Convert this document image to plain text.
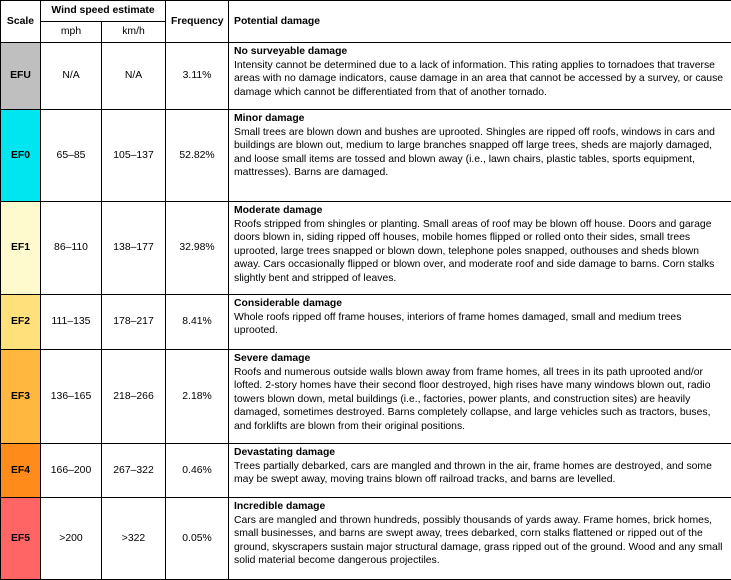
Scale	Wind speed estimate		Frequency	Potential damage
	mph	km/h		
EFU	N/A	N/A	3.11%	No surveyable damage
Intensity cannot be determined due to a lack of information. This rating applies to tornadoes that traverse areas with no damage indicators, cause damage in an area that cannot be accessed by a survey, or cause damage which cannot be differentiated from that of another tornado.

EF0	65–85	105–137	52.82%	Minor damage
Small trees are blown down and bushes are uprooted. Shingles are ripped off roofs, windows in cars and buildings are blown out, medium to large branches snapped off large trees, sheds are majorly damaged, and loose small items are tossed and blown away (i.e., lawn chairs, plastic tables, sports equipment, mattresses). Barns are damaged.

EF1	86–110	138–177	32.98%	Moderate damage
Roofs stripped from shingles or planting. Small areas of roof may be blown off house. Doors and garage doors blown in, siding ripped off houses, mobile homes flipped or rolled onto their sides, small trees uprooted, large trees snapped or blown down, telephone poles snapped, outhouses and sheds blown away. Cars occasionally flipped or blown over, and moderate roof and side damage to barns. Corn stalks slightly bent and stripped of leaves.

EF2	111–135	178–217	8.41%	Considerable damage
Whole roofs ripped off frame houses, interiors of frame homes damaged, small and medium trees uprooted.

EF3	136–165	218–266	2.18%	Severe damage
Roofs and numerous outside walls blown away from frame homes, all trees in its path uprooted and/or lofted. 2-story homes have their second floor destroyed, high rises have many windows blown out, radio towers blown down, metal buildings (i.e., factories, power plants, and construction sites) are heavily damaged, sometimes destroyed. Barns completely collapse, and large vehicles such as tractors, buses, and forklifts are blown from their original positions.

EF4	166–200	267–322	0.46%	Devastating damage
Trees partially debarked, cars are mangled and thrown in the air, frame homes are destroyed, and some may be swept away, moving trains blown off railroad tracks, and barns are levelled.

EF5	>200	>322	0.05%	Incredible damage
Cars are mangled and thrown hundreds, possibly thousands of yards away. Frame homes, brick homes, small businesses, and barns are swept away, trees debarked, corn stalks flattened or ripped out of the ground, skyscrapers sustain major structural damage, grass ripped out of the ground. Wood and any small solid material become dangerous projectiles.
